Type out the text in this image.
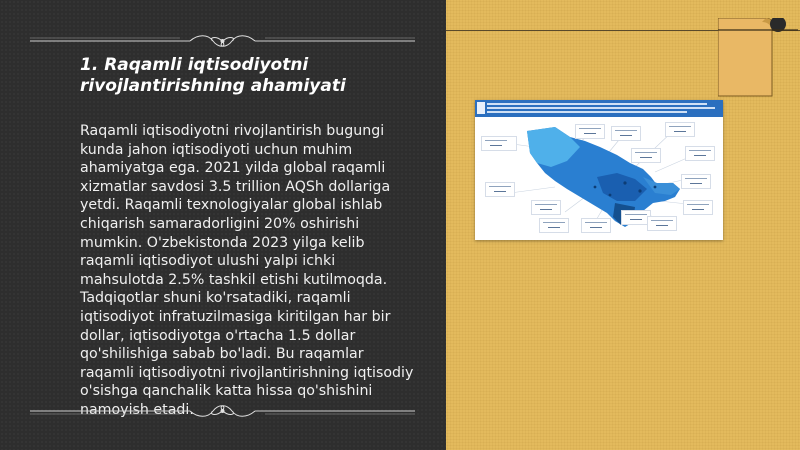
1. Raqamli iqtisodiyotni rivojlantirishning ahamiyati

Raqamli iqtisodiyotni rivojlantirish bugungi kunda jahon iqtisodiyoti uchun muhim ahamiyatga ega. 2021 yilda global raqamli xizmatlar savdosi 3.5 trillion AQSh dollariga yetdi. Raqamli texnologiyalar global ishlab chiqarish samaradorligini 20% oshirishi mumkin. O'zbekistonda 2023 yilga kelib raqamli iqtisodiyot ulushi yalpi ichki mahsulotda 2.5% tashkil etishi kutilmoqda. Tadqiqotlar shuni ko'rsatadiki, raqamli iqtisodiyot infratuzilmasiga kiritilgan har bir dollar, iqtisodiyotga o'rtacha 1.5 dollar qo'shilishiga sabab bo'ladi. Bu raqamlar raqamli iqtisodiyotni rivojlantirishning iqtisodiy o'sishga qanchalik katta hissa qo'shishini namoyish etadi.
